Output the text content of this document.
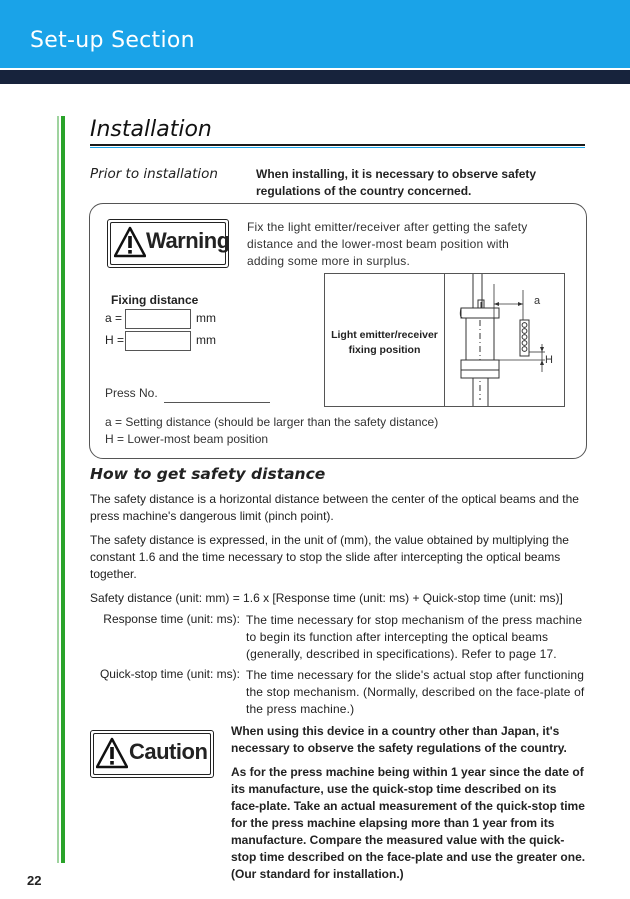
Set-up Section
Installation
Prior to installation	When installing, it is necessary to observe safety regulations of the country concerned.
Warning
Fix the light emitter/receiver after getting the safety distance and the lower-most beam position with adding some more in surplus.
Fixing distance
a =	mm
H =	mm
Press No.
Light emitter/receiver
fixing position
a
H
a = Setting distance (should be larger than the safety distance)
H = Lower-most beam position
How to get safety distance
The safety distance is a horizontal distance between the center of the optical beams and the press machine's dangerous limit (pinch point).
The safety distance is expressed, in the unit of (mm), the value obtained by multiplying the constant 1.6 and the time necessary to stop the slide after intercepting the optical beams together.
Safety distance (unit: mm) = 1.6 x [Response time (unit: ms) + Quick-stop time (unit: ms)]
Response time (unit: ms): The time necessary for stop mechanism of the press machine to begin its function after intercepting the optical beams (generally, described in specifications). Refer to page 17.
Quick-stop time (unit: ms): The time necessary for the slide's actual stop after functioning the stop mechanism. (Normally, described on the face-plate of the press machine.)
Caution
When using this device in a country other than Japan, it's necessary to observe the safety regulations of the country.
As for the press machine being within 1 year since the date of its manufacture, use the quick-stop time described on its face-plate. Take an actual measurement of the quick-stop time for the press machine elapsing more than 1 year from its manufacture. Compare the measured value with the quick-stop time described on the face-plate and use the greater one. (Our standard for installation.)
22
